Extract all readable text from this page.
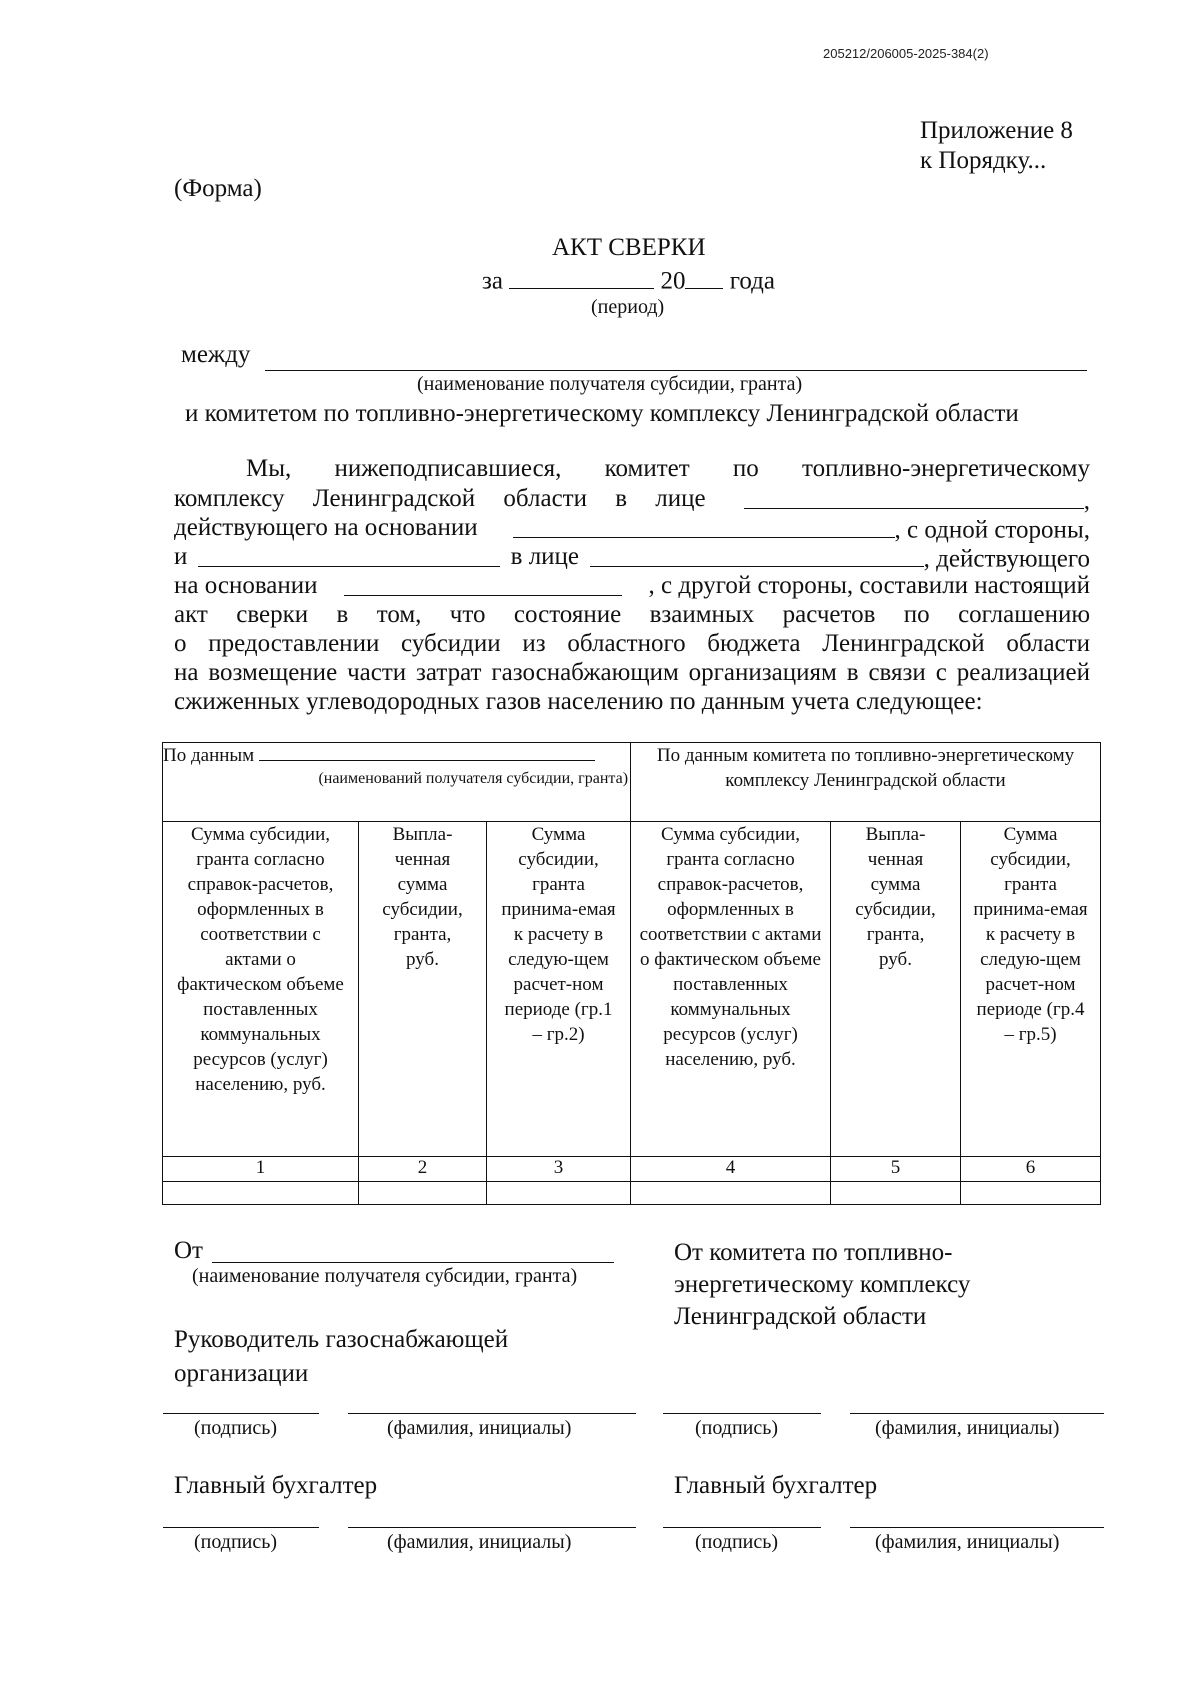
205212/206005-2025-384(2)
Приложение 8
к Порядку...
(Форма)
АКТ СВЕРКИ
за	20 года
(период)
между
(наименование получателя субсидии, гранта)
и комитетом по топливно-энергетическому комплексу Ленинградской области
Мы, нижеподписавшиеся, комитет по топливно-энергетическому
комплексу Ленинградской области в лице	,
действующего на основании	, с одной стороны,
и	в лице	, действующего
на основании	, с другой стороны, составили настоящий
акт сверки в том, что состояние взаимных расчетов по соглашению
о предоставлении субсидии из областного бюджета Ленинградской области
на возмещение части затрат газоснабжающим организациям в связи с реализацией
сжиженных углеводородных газов населению по данным учета следующее:
По данным
(наименований получателя субсидии, гранта)			По данным комитета по топливно-энергетическому комплексу Ленинградской области		
Сумма субсидии, гранта согласно справок-расчетов, оформленных в соответствии с актами о фактическом объеме поставленных коммунальных ресурсов (услуг) населению, руб.	Выпла-ченная сумма субсидии, гранта, руб.	Сумма субсидии, гранта принима-емая к расчету в следую-щем расчет-ном периоде (гр.1 – гр.2)	Сумма субсидии, гранта согласно справок-расчетов, оформленных в соответствии с актами о фактическом объеме поставленных коммунальных ресурсов (услуг) населению, руб.	Выпла-ченная сумма субсидии, гранта, руб.	Сумма субсидии, гранта принима-емая к расчету в следую-щем расчет-ном периоде (гр.4 – гр.5)
1	2	3	4	5	6

От
(наименование получателя субсидии, гранта)
Руководитель газоснабжающей организации
От комитета по топливно-энергетическому комплексу Ленинградской области
(подпись)	(фамилия, инициалы)	(подпись)	(фамилия, инициалы)
Главный бухгалтер	Главный бухгалтер
(подпись)	(фамилия, инициалы)	(подпись)	(фамилия, инициалы)
